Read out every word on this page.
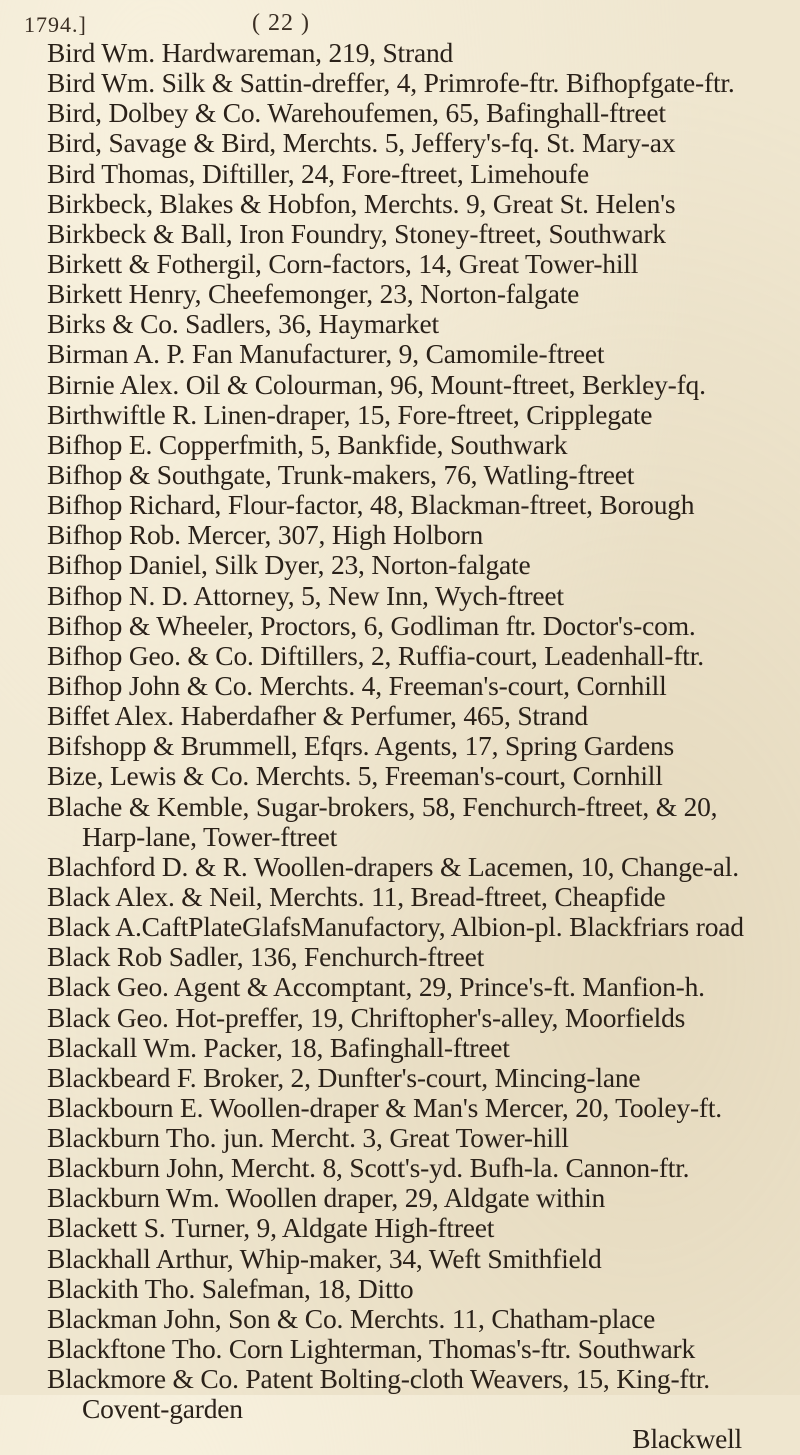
1794.]	( 22 )
Bird Wm. Hardwareman, 219, Strand
Bird Wm. Silk & Sattin-dreffer, 4, Primrofe-ftr. Bifhopfgate-ftr.
Bird, Dolbey & Co. Warehoufemen, 65, Bafinghall-ftreet
Bird, Savage & Bird, Merchts. 5, Jeffery's-fq. St. Mary-ax
Bird Thomas, Diftiller, 24, Fore-ftreet, Limehoufe
Birkbeck, Blakes & Hobfon, Merchts. 9, Great St. Helen's
Birkbeck & Ball, Iron Foundry, Stoney-ftreet, Southwark
Birkett & Fothergil, Corn-factors, 14, Great Tower-hill
Birkett Henry, Cheefemonger, 23, Norton-falgate
Birks & Co. Sadlers, 36, Haymarket
Birman A. P. Fan Manufacturer, 9, Camomile-ftreet
Birnie Alex. Oil & Colourman, 96, Mount-ftreet, Berkley-fq.
Birthwiftle R. Linen-draper, 15, Fore-ftreet, Cripplegate
Bifhop E. Copperfmith, 5, Bankfide, Southwark
Bifhop & Southgate, Trunk-makers, 76, Watling-ftreet
Bifhop Richard, Flour-factor, 48, Blackman-ftreet, Borough
Bifhop Rob. Mercer, 307, High Holborn
Bifhop Daniel, Silk Dyer, 23, Norton-falgate
Bifhop N. D. Attorney, 5, New Inn, Wych-ftreet
Bifhop & Wheeler, Proctors, 6, Godliman ftr. Doctor's-com.
Bifhop Geo. & Co. Diftillers, 2, Ruffia-court, Leadenhall-ftr.
Bifhop John & Co. Merchts. 4, Freeman's-court, Cornhill
Biffet Alex. Haberdafher & Perfumer, 465, Strand
Bifshopp & Brummell, Efqrs. Agents, 17, Spring Gardens
Bize, Lewis & Co. Merchts. 5, Freeman's-court, Cornhill
Blache & Kemble, Sugar-brokers, 58, Fenchurch-ftreet, & 20,
Harp-lane, Tower-ftreet
Blachford D. & R. Woollen-drapers & Lacemen, 10, Change-al.
Black Alex. & Neil, Merchts. 11, Bread-ftreet, Cheapfide
Black A.CaftPlateGlafsManufactory, Albion-pl. Blackfriars road
Black Rob Sadler, 136, Fenchurch-ftreet
Black Geo. Agent & Accomptant, 29, Prince's-ft. Manfion-h.
Black Geo. Hot-preffer, 19, Chriftopher's-alley, Moorfields
Blackall Wm. Packer, 18, Bafinghall-ftreet
Blackbeard F. Broker, 2, Dunfter's-court, Mincing-lane
Blackbourn E. Woollen-draper & Man's Mercer, 20, Tooley-ft.
Blackburn Tho. jun. Mercht. 3, Great Tower-hill
Blackburn John, Mercht. 8, Scott's-yd. Bufh-la. Cannon-ftr.
Blackburn Wm. Woollen draper, 29, Aldgate within
Blackett S. Turner, 9, Aldgate High-ftreet
Blackhall Arthur, Whip-maker, 34, Weft Smithfield
Blackith Tho. Salefman, 18, Ditto
Blackman John, Son & Co. Merchts. 11, Chatham-place
Blackftone Tho. Corn Lighterman, Thomas's-ftr. Southwark
Blackmore & Co. Patent Bolting-cloth Weavers, 15, King-ftr.
Covent-garden
Blackwell
